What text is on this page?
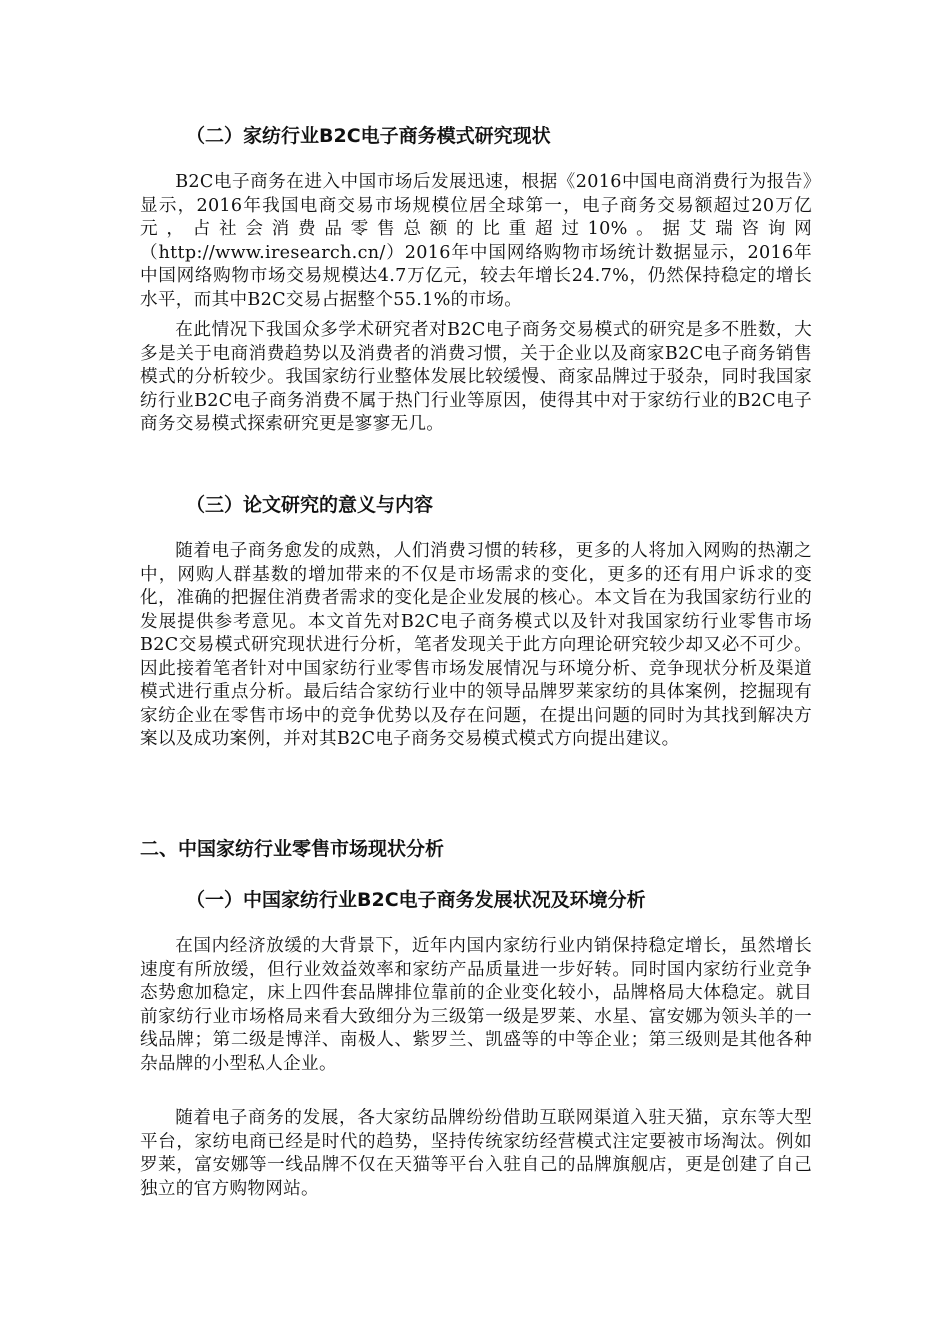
（二）家纺行业B2C电子商务模式研究现状

B2C电子商务在进入中国市场后发展迅速，根据《2016中国电商消费行为报告》显示，2016年我国电商交易市场规模位居全球第一，电子商务交易额超过20万亿元，占社会消费品零售总额的比重超过10%。据艾瑞咨询网（http://www.iresearch.cn/）2016年中国网络购物市场统计数据显示，2016年中国网络购物市场交易规模达4.7万亿元，较去年增长24.7%，仍然保持稳定的增长水平，而其中B2C交易占据整个55.1%的市场。

在此情况下我国众多学术研究者对B2C电子商务交易模式的研究是多不胜数，大多是关于电商消费趋势以及消费者的消费习惯，关于企业以及商家B2C电子商务销售模式的分析较少。我国家纺行业整体发展比较缓慢、商家品牌过于驳杂，同时我国家纺行业B2C电子商务消费不属于热门行业等原因，使得其中对于家纺行业的B2C电子商务交易模式探索研究更是寥寥无几。

（三）论文研究的意义与内容

随着电子商务愈发的成熟，人们消费习惯的转移，更多的人将加入网购的热潮之中，网购人群基数的增加带来的不仅是市场需求的变化，更多的还有用户诉求的变化，准确的把握住消费者需求的变化是企业发展的核心。本文旨在为我国家纺行业的发展提供参考意见。本文首先对B2C电子商务模式以及针对我国家纺行业零售市场B2C交易模式研究现状进行分析，笔者发现关于此方向理论研究较少却又必不可少。因此接着笔者针对中国家纺行业零售市场发展情况与环境分析、竞争现状分析及渠道模式进行重点分析。最后结合家纺行业中的领导品牌罗莱家纺的具体案例，挖掘现有家纺企业在零售市场中的竞争优势以及存在问题，在提出问题的同时为其找到解决方案以及成功案例，并对其B2C电子商务交易模式模式方向提出建议。

二、中国家纺行业零售市场现状分析
（一）中国家纺行业B2C电子商务发展状况及环境分析

在国内经济放缓的大背景下，近年内国内家纺行业内销保持稳定增长，虽然增长速度有所放缓，但行业效益效率和家纺产品质量进一步好转。同时国内家纺行业竞争态势愈加稳定，床上四件套品牌排位靠前的企业变化较小，品牌格局大体稳定。就目前家纺行业市场格局来看大致细分为三级第一级是罗莱、水星、富安娜为领头羊的一线品牌；第二级是博洋、南极人、紫罗兰、凯盛等的中等企业；第三级则是其他各种杂品牌的小型私人企业。

随着电子商务的发展，各大家纺品牌纷纷借助互联网渠道入驻天猫，京东等大型平台，家纺电商已经是时代的趋势，坚持传统家纺经营模式注定要被市场淘汰。例如罗莱，富安娜等一线品牌不仅在天猫等平台入驻自己的品牌旗舰店，更是创建了自己独立的官方购物网站。
